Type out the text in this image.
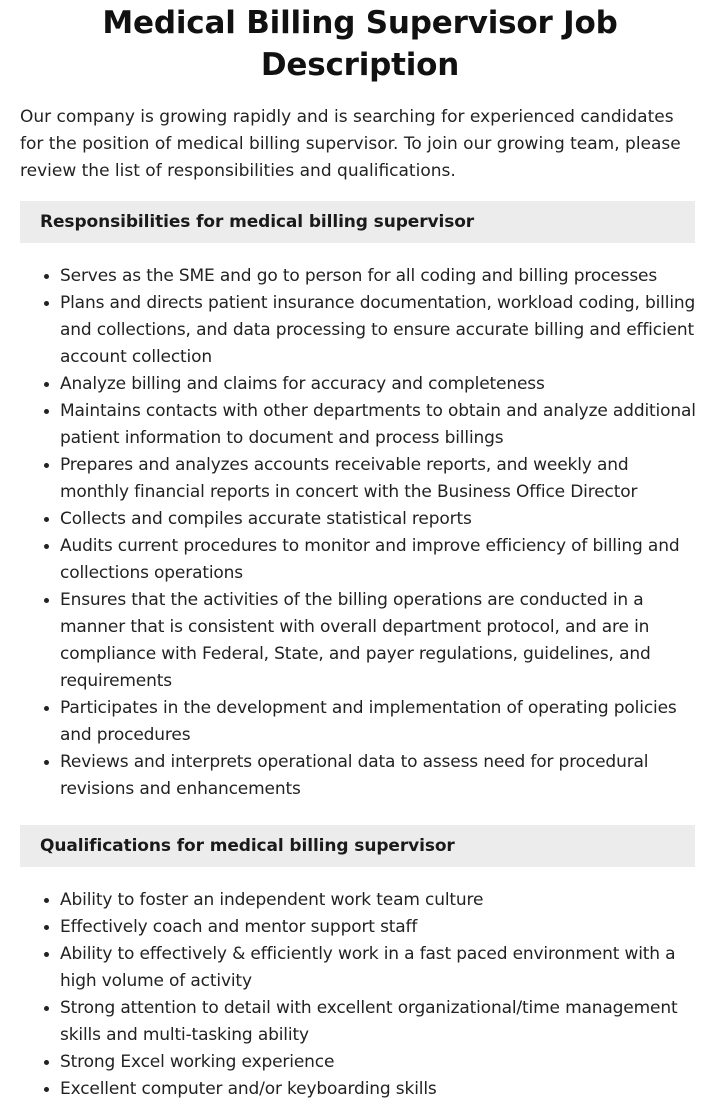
Medical Billing Supervisor Job Description

Our company is growing rapidly and is searching for experienced candidates for the position of medical billing supervisor. To join our growing team, please review the list of responsibilities and qualifications.

Responsibilities for medical billing supervisor
• Serves as the SME and go to person for all coding and billing processes
• Plans and directs patient insurance documentation, workload coding, billing and collections, and data processing to ensure accurate billing and efficient account collection
• Analyze billing and claims for accuracy and completeness
• Maintains contacts with other departments to obtain and analyze additional patient information to document and process billings
• Prepares and analyzes accounts receivable reports, and weekly and monthly financial reports in concert with the Business Office Director
• Collects and compiles accurate statistical reports
• Audits current procedures to monitor and improve efficiency of billing and collections operations
• Ensures that the activities of the billing operations are conducted in a manner that is consistent with overall department protocol, and are in compliance with Federal, State, and payer regulations, guidelines, and requirements
• Participates in the development and implementation of operating policies and procedures
• Reviews and interprets operational data to assess need for procedural revisions and enhancements
Qualifications for medical billing supervisor
• Ability to foster an independent work team culture
• Effectively coach and mentor support staff
• Ability to effectively & efficiently work in a fast paced environment with a high volume of activity
• Strong attention to detail with excellent organizational/time management skills and multi-tasking ability
• Strong Excel working experience
• Excellent computer and/or keyboarding skills
